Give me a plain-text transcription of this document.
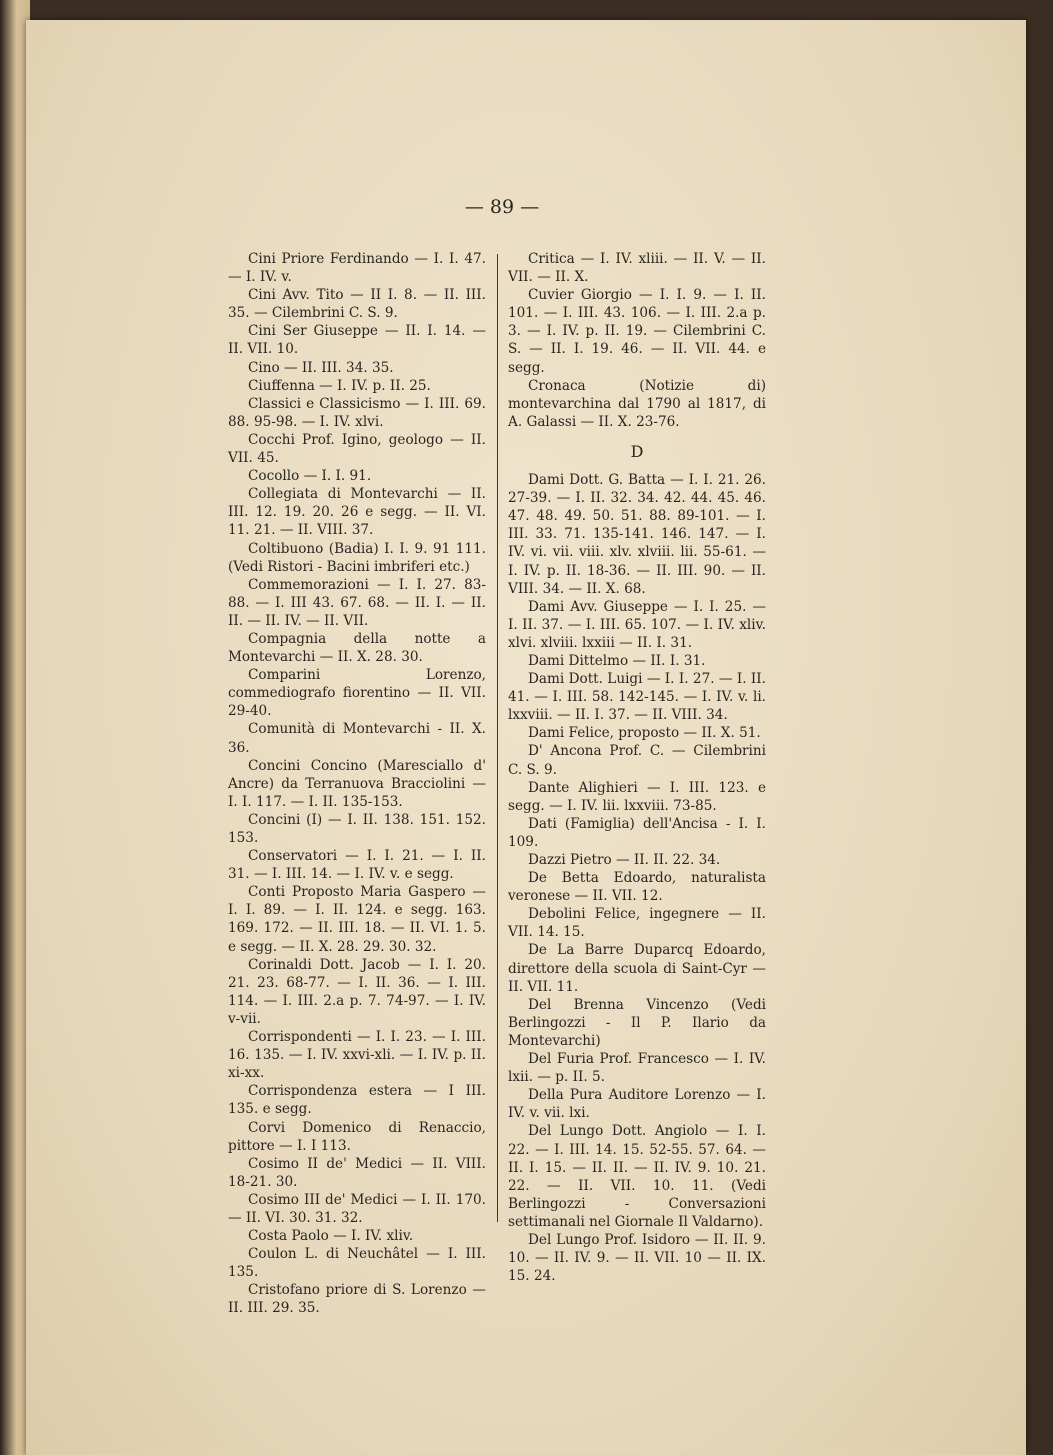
— 89 —
Cini Priore Ferdinando — I. I. 47. — I. IV. v.
Cini Avv. Tito — II I. 8. — II. III. 35. — Cilembrini C. S. 9.
Cini Ser Giuseppe — II. I. 14. — II. VII. 10.
Cino — II. III. 34. 35.
Ciuffenna — I. IV. p. II. 25.
Classici e Classicismo — I. III. 69. 88. 95-98. — I. IV. xlvi.
Cocchi Prof. Igino, geologo — II. VII. 45.
Cocollo — I. I. 91.
Collegiata di Montevarchi — II. III. 12. 19. 20. 26 e segg. — II. VI. 11. 21. — II. VIII. 37.
Coltibuono (Badia) I. I. 9. 91 111. (Vedi Ristori - Bacini imbriferi etc.)
Commemorazioni — I. I. 27. 83-88. — I. III 43. 67. 68. — II. I. — II. II. — II. IV. — II. VII.
Compagnia della notte a Montevarchi — II. X. 28. 30.
Comparini Lorenzo, commediografo fiorentino — II. VII. 29-40.
Comunità di Montevarchi - II. X. 36.
Concini Concino (Maresciallo d' Ancre) da Terranuova Bracciolini — I. I. 117. — I. II. 135-153.
Concini (I) — I. II. 138. 151. 152. 153.
Conservatori — I. I. 21. — I. II. 31. — I. III. 14. — I. IV. v. e segg.
Conti Proposto Maria Gaspero — I. I. 89. — I. II. 124. e segg. 163. 169. 172. — II. III. 18. — II. VI. 1. 5. e segg. — II. X. 28. 29. 30. 32.
Corinaldi Dott. Jacob — I. I. 20. 21. 23. 68-77. — I. II. 36. — I. III. 114. — I. III. 2.a p. 7. 74-97. — I. IV. v-vii.
Corrispondenti — I. I. 23. — I. III. 16. 135. — I. IV. xxvi-xli. — I. IV. p. II. xi-xx.
Corrispondenza estera — I III. 135. e segg.
Corvi Domenico di Renaccio, pittore — I. I 113.
Cosimo II de' Medici — II. VIII. 18-21. 30.
Cosimo III de' Medici — I. II. 170. — II. VI. 30. 31. 32.
Costa Paolo — I. IV. xliv.
Coulon L. di Neuchâtel — I. III. 135.
Cristofano priore di S. Lorenzo — II. III. 29. 35.
Critica — I. IV. xliii. — II. V. — II. VII. — II. X.
Cuvier Giorgio — I. I. 9. — I. II. 101. — I. III. 43. 106. — I. III. 2.a p. 3. — I. IV. p. II. 19. — Cilembrini C. S. — II. I. 19. 46. — II. VII. 44. e segg.
Cronaca (Notizie di) montevarchina dal 1790 al 1817, di A. Galassi — II. X. 23-76.
D
Dami Dott. G. Batta — I. I. 21. 26. 27-39. — I. II. 32. 34. 42. 44. 45. 46. 47. 48. 49. 50. 51. 88. 89-101. — I. III. 33. 71. 135-141. 146. 147. — I. IV. vi. vii. viii. xlv. xlviii. lii. 55-61. — I. IV. p. II. 18-36. — II. III. 90. — II. VIII. 34. — II. X. 68.
Dami Avv. Giuseppe — I. I. 25. — I. II. 37. — I. III. 65. 107. — I. IV. xliv. xlvi. xlviii. lxxiii — II. I. 31.
Dami Dittelmo — II. I. 31.
Dami Dott. Luigi — I. I. 27. — I. II. 41. — I. III. 58. 142-145. — I. IV. v. li. lxxviii. — II. I. 37. — II. VIII. 34.
Dami Felice, proposto — II. X. 51.
D' Ancona Prof. C. — Cilembrini C. S. 9.
Dante Alighieri — I. III. 123. e segg. — I. IV. lii. lxxviii. 73-85.
Dati (Famiglia) dell'Ancisa - I. I. 109.
Dazzi Pietro — II. II. 22. 34.
De Betta Edoardo, naturalista veronese — II. VII. 12.
Debolini Felice, ingegnere — II. VII. 14. 15.
De La Barre Duparcq Edoardo, direttore della scuola di Saint-Cyr — II. VII. 11.
Del Brenna Vincenzo (Vedi Berlingozzi - Il P. Ilario da Montevarchi)
Del Furia Prof. Francesco — I. IV. lxii. — p. II. 5.
Della Pura Auditore Lorenzo — I. IV. v. vii. lxi.
Del Lungo Dott. Angiolo — I. I. 22. — I. III. 14. 15. 52-55. 57. 64. — II. I. 15. — II. II. — II. IV. 9. 10. 21. 22. — II. VII. 10. 11. (Vedi Berlingozzi - Conversazioni settimanali nel Giornale Il Valdarno).
Del Lungo Prof. Isidoro — II. II. 9. 10. — II. IV. 9. — II. VII. 10 — II. IX. 15. 24.
